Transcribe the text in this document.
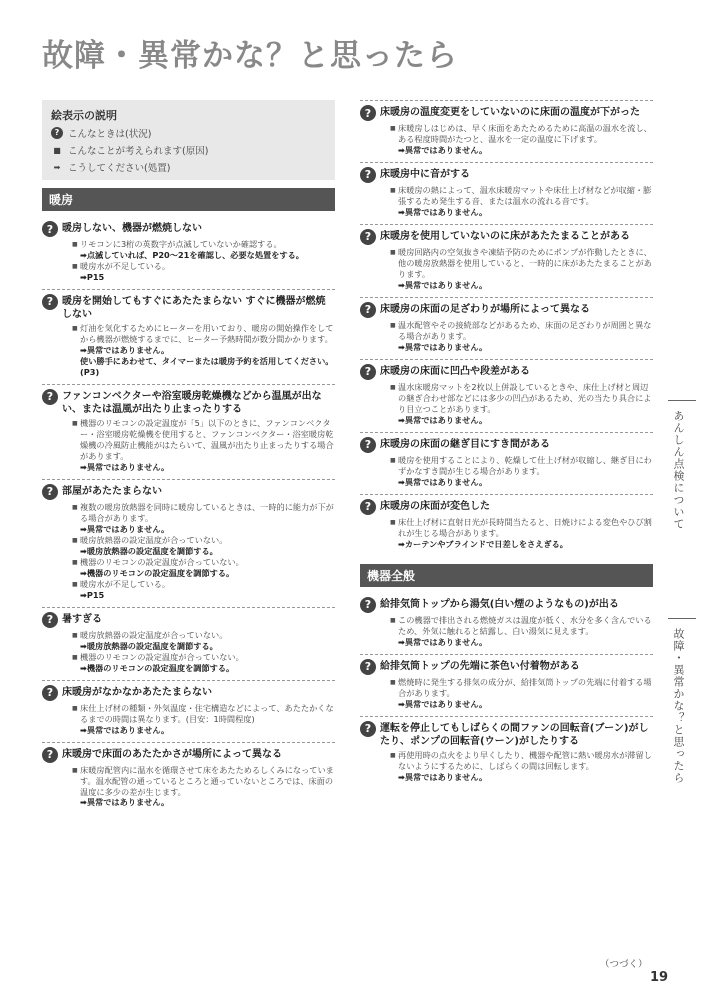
故障・異常かな？と思ったら
絵表示の説明
? こんなときは(状況)
■ こんなことが考えられます(原因)
➡ こうしてください(処置)
暖房
? 暖房しない、機器が燃焼しない
■ リモコンに3桁の英数字が点滅していないか確認する。
➡点滅していれば、P20〜21を確認し、必要な処置をする。
■ 暖房水が不足している。
➡P15
? 暖房を開始してもすぐにあたたまらない すぐに機器が燃焼しない
■ 灯油を気化するためにヒーターを用いており、暖房の開始操作をしてから機器が燃焼するまでに、ヒーター予熱時間が数分間かかります。
➡異常ではありません。
使い勝手にあわせて、タイマーまたは暖房予約を活用してください。(P3)
? ファンコンベクターや浴室暖房乾燥機などから温風が出ない、または温風が出たり止まったりする
■ 機器のリモコンの設定温度が「5」以下のときに、ファンコンベクター・浴室暖房乾燥機を使用すると、ファンコンベクター・浴室暖房乾燥機の冷風防止機能がはたらいて、温風が出たり止まったりする場合があります。
➡異常ではありません。
? 部屋があたたまらない
■ 複数の暖房放熱器を同時に暖房しているときは、一時的に能力が下がる場合があります。
➡異常ではありません。
■ 暖房放熱器の設定温度が合っていない。
➡暖房放熱器の設定温度を調節する。
■ 機器のリモコンの設定温度が合っていない。
➡機器のリモコンの設定温度を調節する。
■ 暖房水が不足している。
➡P15
? 暑すぎる
■ 暖房放熱器の設定温度が合っていない。
➡暖房放熱器の設定温度を調節する。
■ 機器のリモコンの設定温度が合っていない。
➡機器のリモコンの設定温度を調節する。
? 床暖房がなかなかあたたまらない
■ 床仕上げ材の種類・外気温度・住宅構造などによって、あたたかくなるまでの時間は異なります。(目安：1時間程度)
➡異常ではありません。
? 床暖房で床面のあたたかさが場所によって異なる
■ 床暖房配管内に温水を循環させて床をあたためるしくみになっています。温水配管の通っているところと通っていないところでは、床面の温度に多少の差が生じます。
➡異常ではありません。
? 床暖房の温度変更をしていないのに床面の温度が下がった
■ 床暖房しはじめは、早く床面をあたためるために高温の温水を流し、ある程度時間がたつと、温水を一定の温度に下げます。
➡異常ではありません。
? 床暖房中に音がする
■ 床暖房の熱によって、温水床暖房マットや床仕上げ材などが収縮・膨張するため発生する音、または温水の流れる音です。
➡異常ではありません。
? 床暖房を使用していないのに床があたたまることがある
■ 暖房回路内の空気抜きや凍結予防のためにポンプが作動したときに、他の暖房放熱器を使用していると、一時的に床があたたまることがあります。
➡異常ではありません。
? 床暖房の床面の足ざわりが場所によって異なる
■ 温水配管やその接続部などがあるため、床面の足ざわりが周囲と異なる場合があります。
➡異常ではありません。
? 床暖房の床面に凹凸や段差がある
■ 温水床暖房マットを2枚以上併設しているときや、床仕上げ材と周辺の継ぎ合わせ部などには多少の凹凸があるため、光の当たり具合により目立つことがあります。
➡異常ではありません。
? 床暖房の床面の継ぎ目にすき間がある
■ 暖房を使用することにより、乾燥して仕上げ材が収縮し、継ぎ目にわずかなすき間が生じる場合があります。
➡異常ではありません。
? 床暖房の床面が変色した
■ 床仕上げ材に直射日光が長時間当たると、日焼けによる変色やひび割れが生じる場合があります。
➡カーテンやブラインドで日差しをさえぎる。
機器全般
? 給排気筒トップから湯気(白い煙のようなもの)が出る
■ この機器で排出される燃焼ガスは温度が低く、水分を多く含んでいるため、外気に触れると結露し、白い湯気に見えます。
➡異常ではありません。
? 給排気筒トップの先端に茶色い付着物がある
■ 燃焼時に発生する排気の成分が、給排気筒トップの先端に付着する場合があります。
➡異常ではありません。
? 運転を停止してもしばらくの間ファンの回転音(ブーン)がしたり、ポンプの回転音(ウーン)がしたりする
■ 再使用時の点火をより早くしたり、機器や配管に熱い暖房水が滞留しないようにするために、しばらくの間は回転します。
➡異常ではありません。
あんしん点検について
故障・異常かな？と思ったら
（つづく）
19
